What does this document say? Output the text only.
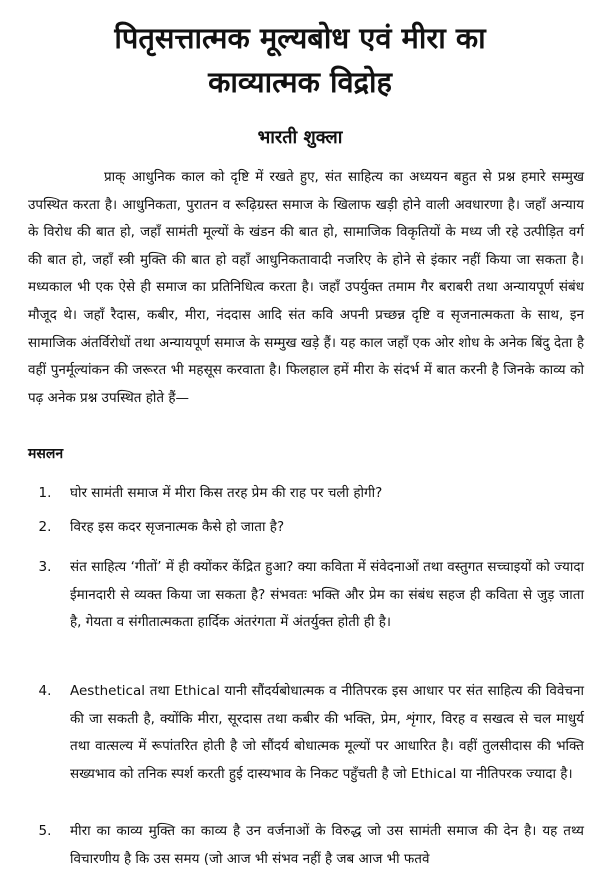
पितृसत्तात्मक मूल्यबोध एवं मीरा का
काव्यात्मक विद्रोह
भारती शुक्ला

प्राक् आधुनिक काल को दृष्टि में रखते हुए, संत साहित्य का अध्ययन बहुत से प्रश्न हमारे सम्मुख उपस्थित करता है। आधुनिकता, पुरातन व रूढ़िग्रस्त समाज के खिलाफ खड़ी होने वाली अवधारणा है। जहाँ अन्याय के विरोध की बात हो, जहाँ सामंती मूल्यों के खंडन की बात हो, सामाजिक विकृतियों के मध्य जी रहे उत्पीड़ित वर्ग की बात हो, जहाँ स्त्री मुक्ति की बात हो वहाँ आधुनिकतावादी नजरिए के होने से इंकार नहीं किया जा सकता है। मध्यकाल भी एक ऐसे ही समाज का प्रतिनिधित्व करता है। जहाँ उपर्युक्त तमाम गैर बराबरी तथा अन्यायपूर्ण संबंध मौजूद थे। जहाँ रैदास, कबीर, मीरा, नंददास आदि संत कवि अपनी प्रच्छन्न दृष्टि व सृजनात्मकता के साथ, इन सामाजिक अंतर्विरोधों तथा अन्यायपूर्ण समाज के सम्मुख खड़े हैं। यह काल जहाँ एक ओर शोध के अनेक बिंदु देता है वहीं पुनर्मूल्यांकन की जरूरत भी महसूस करवाता है। फिलहाल हमें मीरा के संदर्भ में बात करनी है जिनके काव्य को पढ़ अनेक प्रश्न उपस्थित होते हैं—

मसलन
1.	घोर सामंती समाज में मीरा किस तरह प्रेम की राह पर चली होगी?

2.	विरह इस कदर सृजनात्मक कैसे हो जाता है?

3.	संत साहित्य ‘गीतों’ में ही क्योंकर केंद्रित हुआ? क्या कविता में संवेदनाओं तथा वस्तुगत सच्चाइयों को ज्यादा ईमानदारी से व्यक्त किया जा सकता है? संभवतः भक्ति और प्रेम का संबंध सहज ही कविता से जुड़ जाता है, गेयता व संगीतात्मकता हार्दिक अंतरंगता में अंतर्युक्त होती ही है।

4.	Aesthetical तथा Ethical यानी सौंदर्यबोधात्मक व नीतिपरक इस आधार पर संत साहित्य की विवेचना की जा सकती है, क्योंकि मीरा, सूरदास तथा कबीर की भक्ति, प्रेम, शृंगार, विरह व सखत्व से चल माधुर्य तथा वात्सल्य में रूपांतरित होती है जो सौंदर्य बोधात्मक मूल्यों पर आधारित है। वहीं तुलसीदास की भक्ति सख्यभाव को तनिक स्पर्श करती हुई दास्यभाव के निकट पहुँचती है जो Ethical या नीतिपरक ज्यादा है।

5.	मीरा का काव्य मुक्ति का काव्य है उन वर्जनाओं के विरुद्ध जो उस सामंती समाज की देन है। यह तथ्य विचारणीय है कि उस समय (जो आज भी संभव नहीं है जब आज भी फतवे
